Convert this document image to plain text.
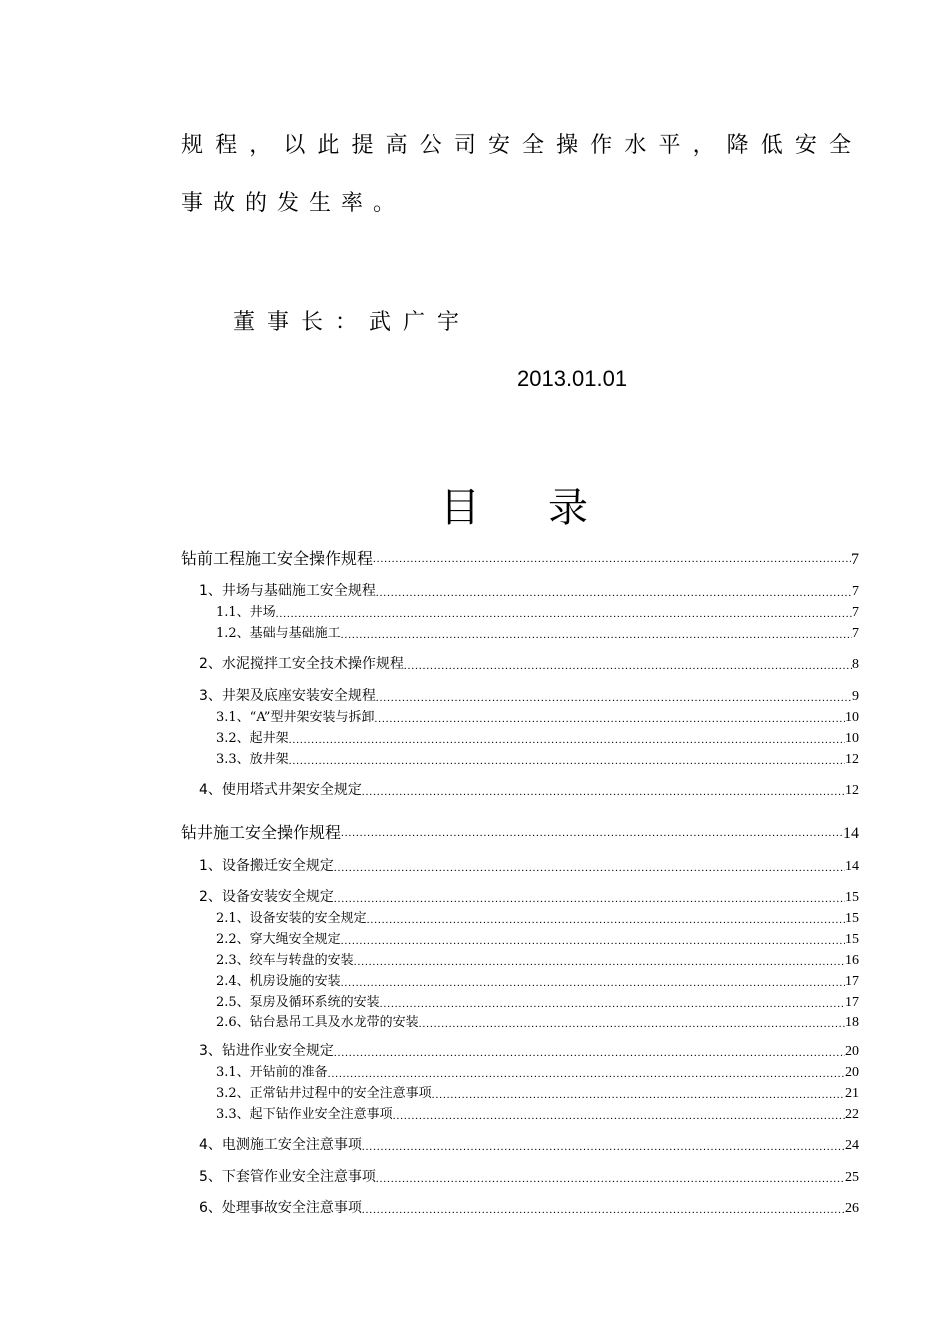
规程，以此提高公司安全操作水平，降低安全
事故的发生率。
董事长：武广宇
2013.01.01
目录
钻前工程施工安全操作规程 .....	7
1、井场与基础施工安全规程 .....	7
1.1、井场 .....	7
1.2、基础与基础施工 .....	7
2、水泥搅拌工安全技术操作规程 .....	8
3、井架及底座安装安全规程 .....	9
3.1、“A”型井架安装与拆卸 .....	10
3.2、起井架 .....	10
3.3、放井架 .....	12
4、使用塔式井架安全规定 .....	12
钻井施工安全操作规程 .....	14
1、设备搬迁安全规定 .....	14
2、设备安装安全规定 .....	15
2.1、设备安装的安全规定 .....	15
2.2、穿大绳安全规定 .....	15
2.3、绞车与转盘的安装 .....	16
2.4、机房设施的安装 .....	17
2.5、泵房及循环系统的安装 .....	17
2.6、钻台悬吊工具及水龙带的安装 .....	18
3、钻进作业安全规定 .....	20
3.1、开钻前的准备 .....	20
3.2、正常钻井过程中的安全注意事项 .....	21
3.3、起下钻作业安全注意事项 .....	22
4、电测施工安全注意事项 .....	24
5、下套管作业安全注意事项 .....	25
6、处理事故安全注意事项 .....	26
